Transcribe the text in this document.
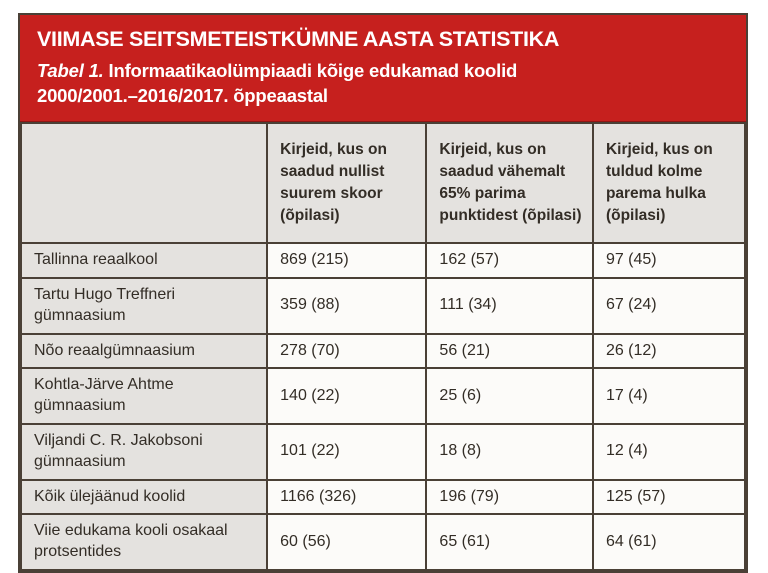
VIIMASE SEITSMETEISTKÜMNE AASTA STATISTIKA
Tabel 1. Informaatikaolümpiaadi kõige edukamad koolid
2000/2001.–2016/2017. õppeaastal
	Kirjeid, kus on saadud nullist suurem skoor (õpilasi)	Kirjeid, kus on saadud vähemalt 65% parima punktidest (õpilasi)	Kirjeid, kus on tuldud kolme parema hulka (õpilasi)
Tallinna reaalkool	869 (215)	162 (57)	97 (45)
Tartu Hugo Treffneri gümnaasium	359 (88)	111 (34)	67 (24)
Nõo reaalgümnaasium	278 (70)	56 (21)	26 (12)
Kohtla-Järve Ahtme gümnaasium	140 (22)	25 (6)	17 (4)
Viljandi C. R. Jakobsoni gümnaasium	101 (22)	18 (8)	12 (4)
Kõik ülejäänud koolid	1166 (326)	196 (79)	125 (57)
Viie edukama kooli osakaal protsentides	60 (56)	65 (61)	64 (61)
